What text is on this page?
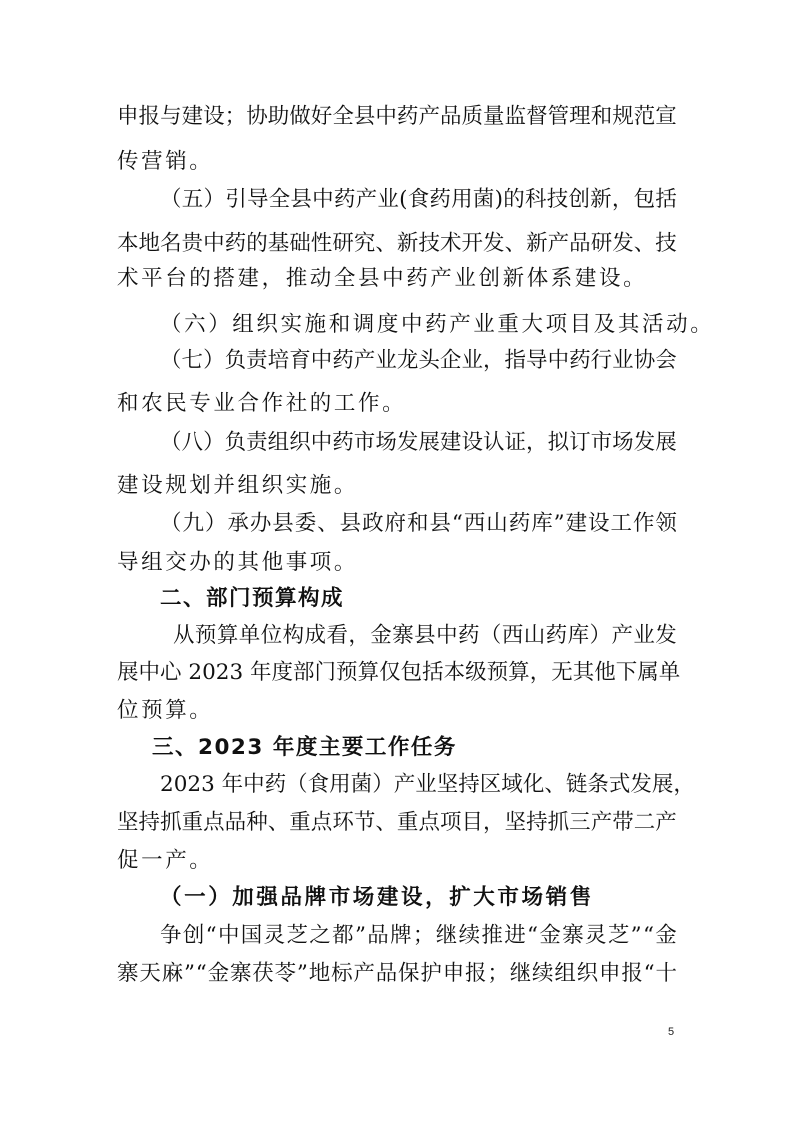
申 报 与 建 设 ； 协 助 做 好 全 县 中 药 产 品 质 量 监 督 管 理 和 规 范 宣
传营销。
（ 五 ） 引 导 全 县 中 药 产 业 ( 食 药 用 菌 ) 的 科 技 创 新 ， 包 括
本 地 名 贵 中 药 的 基 础 性 研 究 、 新 技 术 开 发 、 新 产 品 研 发 、 技
术平台的搭建，推动全县中药产业创新体系建设。
（六）组织实施和调度中药产业重大项目及其活动。
（ 七 ） 负 责 培 育 中 药 产 业 龙 头 企 业 ， 指 导 中 药 行 业 协 会
和农民专业合作社的工作。
（ 八 ） 负 责 组 织 中 药 市 场 发 展 建 设 认 证 ， 拟 订 市 场 发 展
建设规划并组织实施。
（ 九 ） 承 办 县 委 、 县 政 府 和 县 “ 西 山 药 库 ” 建 设 工 作 领
导组交办的其他事项。
二、部门预算构成
从 预 算 单 位 构 成 看 ， 金 寨 县 中 药 （ 西 山 药 库 ） 产 业 发
展 中 心
2 0 2 3
年 度 部 门 预 算 仅 包 括 本 级 预 算 ， 无 其 他 下 属 单
位预算。
三、2023 年度主要工作任务
2 0 2 3
年 中 药 （ 食 用 菌 ） 产 业 坚 持 区 域 化 、 链 条 式 发 展 ，
坚 持 抓 重 点 品 种 、 重 点 环 节 、 重 点 项 目 ， 坚 持 抓 三 产 带 二 产
促一产。
（一）加强品牌市场建设，扩大市场销售
争 创 “ 中 国 灵 芝 之 都 ” 品 牌 ； 继 续 推 进 “ 金 寨 灵 芝 ” “ 金
寨 天 麻 ” “ 金 寨 茯 苓 ” 地 标 产 品 保 护 申 报 ； 继 续 组 织 申 报 “ 十
5
